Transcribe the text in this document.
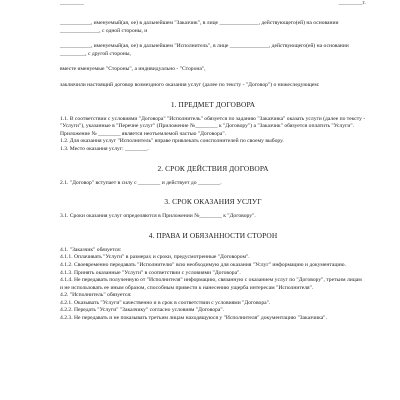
________	________г.

___________, именуемый(ая, ое) в дальнейшем "Заказчик", в лице ______________, действующего(ей) на основании ______________, с одной стороны, и

___________, именуемый(ая, ое) в дальнейшем "Исполнитель", в лице ______________, действующего(ей) на основании _________, с другой стороны,

вместе именуемые "Стороны", а индивидуально - "Сторона",

заключили настоящий договор возмездного оказания услуг (далее по тексту - "Договор") о нижеследующем:

1. ПРЕДМЕТ ДОГОВОРА

1.1. В соответствии с условиями "Договора" "Исполнитель" обязуется по заданию "Заказчика" оказать услуги (далее по тексту - "Услуги"), указанные в "Перечне услуг" (Приложение №________ к "Договору") а "Заказчик" обязуется оплатить "Услуги". Приложение № ________ является неотъемлемой частью "Договора".

1.2. Для оказания услуг "Исполнитель" вправе привлекать соисполнителей по своему выбору.

1.3. Место оказания услуг: ________.

2. СРОК ДЕЙСТВИЯ ДОГОВОРА

2.1. "Договор" вступает в силу с ________ и действует до ________.

3. СРОК ОКАЗАНИЯ УСЛУГ

3.1. Сроки оказания услуг определяются в Приложении №________ к "Договору".

4. ПРАВА И ОБЯЗАННОСТИ СТОРОН

4.1. "Заказчик" обязуется:

4.1.1. Оплачивать "Услуги" в размерах и сроки, предусмотренные "Договором".

4.1.2. Своевременно передавать "Исполнителю" всю необходимую для оказания "Услуг" информацию и документацию.

4.1.3. Принять оказанные "Услуги" в соответствии с условиями "Договора".

4.1.4. Не передавать полученную от "Исполнителя" информацию, связанную с оказанием услуг по "Договору", третьим лицам и не использовать ее иным образом, способным привести к нанесению ущерба интересам "Исполнителя".

4.2. "Исполнитель" обязуется:

4.2.1. Оказывать "Услуги" качественно и в срок в соответствии с условиями "Договора".

4.2.2. Передать "Услуги" "Заказчику" согласно условиям "Договора".

4.2.3. Не передавать и не показывать третьим лицам находящуюся у "Исполнителя" документацию "Заказчика".
